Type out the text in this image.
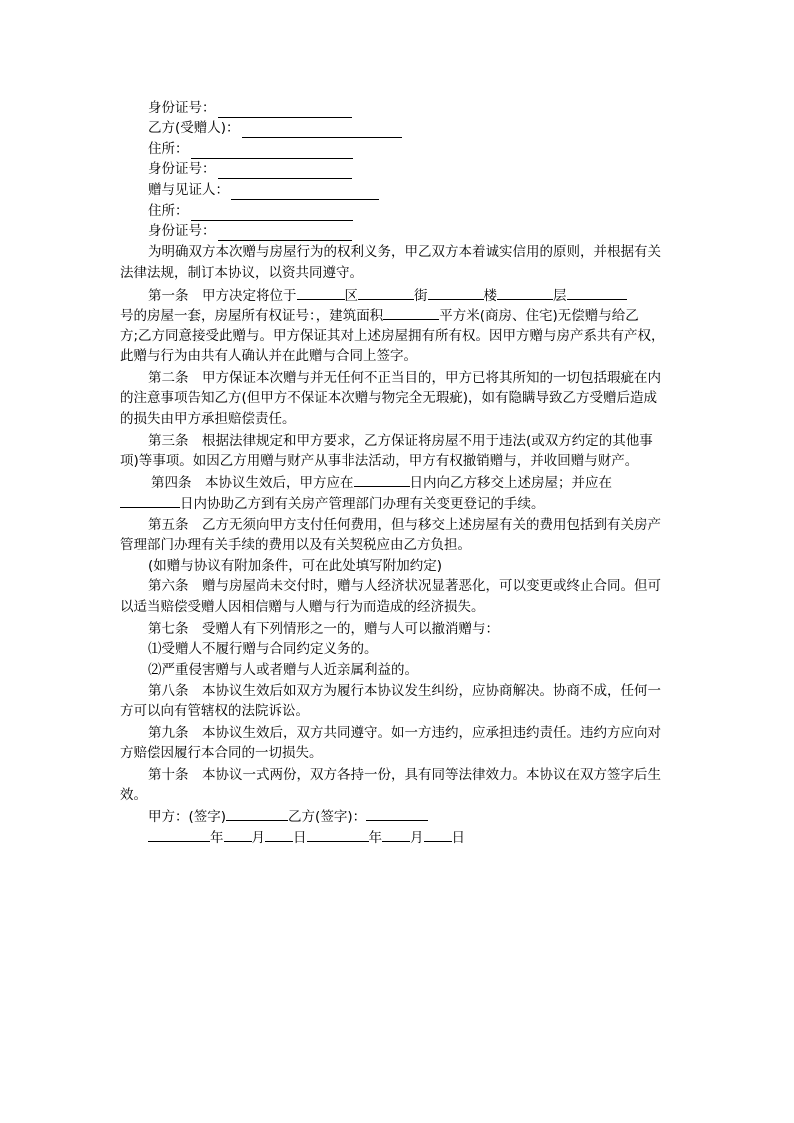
身份证号：
乙方(受赠人)：
住所：
身份证号：
赠与见证人：
住所：
身份证号：
为明确双方本次赠与房屋行为的权利义务，甲乙双方本着诚实信用的原则，并根据有关
法律法规，制订本协议，以资共同遵守。
第一条　甲方决定将位于	区	街	楼	层
号的房屋一套，房屋所有权证号：，建筑面积	平方米(商房、住宅)无偿赠与给乙
方;乙方同意接受此赠与。甲方保证其对上述房屋拥有所有权。因甲方赠与房产系共有产权，
此赠与行为由共有人确认并在此赠与合同上签字。
第二条　甲方保证本次赠与并无任何不正当目的，甲方已将其所知的一切包括瑕疵在内
的注意事项告知乙方(但甲方不保证本次赠与物完全无瑕疵)，如有隐瞒导致乙方受赠后造成
的损失由甲方承担赔偿责任。
第三条　根据法律规定和甲方要求，乙方保证将房屋不用于违法(或双方约定的其他事
项)等事项。如因乙方用赠与财产从事非法活动，甲方有权撤销赠与，并收回赠与财产。
第四条　本协议生效后，甲方应在	日内向乙方移交上述房屋；并应在
日内协助乙方到有关房产管理部门办理有关变更登记的手续。
第五条　乙方无须向甲方支付任何费用，但与移交上述房屋有关的费用包括到有关房产
管理部门办理有关手续的费用以及有关契税应由乙方负担。
(如赠与协议有附加条件，可在此处填写附加约定)
第六条　赠与房屋尚未交付时，赠与人经济状况显著恶化，可以变更或终止合同。但可
以适当赔偿受赠人因相信赠与人赠与行为而造成的经济损失。
第七条　受赠人有下列情形之一的，赠与人可以撤消赠与：
⑴受赠人不履行赠与合同约定义务的。
⑵严重侵害赠与人或者赠与人近亲属利益的。
第八条　本协议生效后如双方为履行本协议发生纠纷，应协商解决。协商不成，任何一
方可以向有管辖权的法院诉讼。
第九条　本协议生效后，双方共同遵守。如一方违约，应承担违约责任。违约方应向对
方赔偿因履行本合同的一切损失。
第十条　本协议一式两份，双方各持一份，具有同等法律效力。本协议在双方签字后生
效。
甲方：(签字)	乙方(签字)：
年 月 日	年 月 日
